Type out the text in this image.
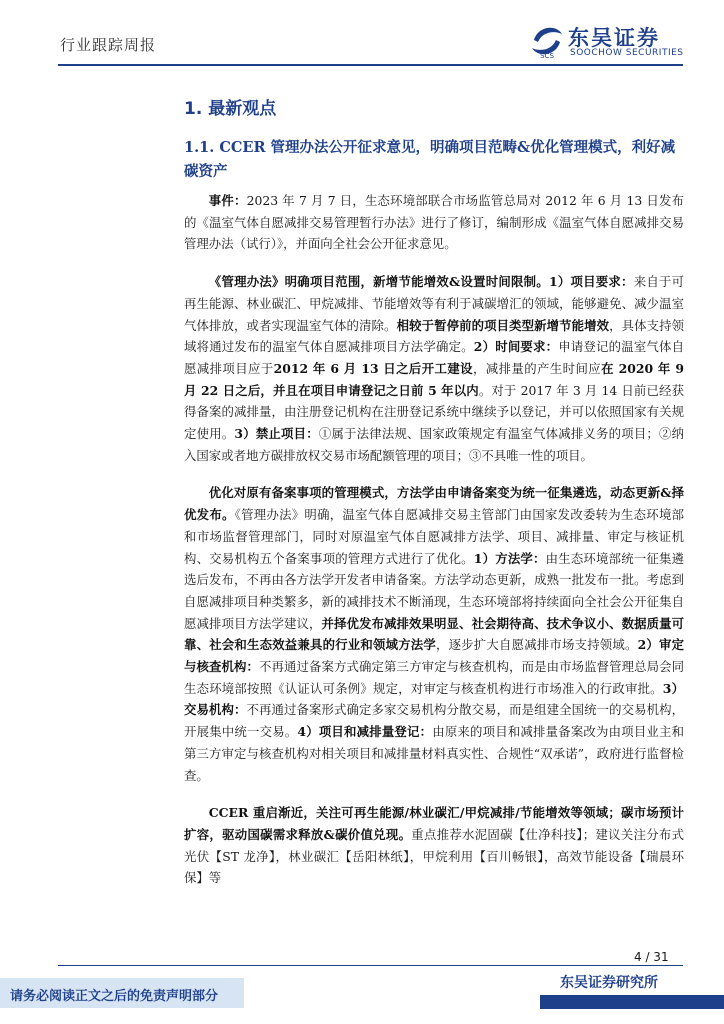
行业跟踪周报
SCS
东吴证券
SOOCHOW SECURITIES
1. 最新观点
1.1. CCER 管理办法公开征求意见，明确项目范畴&优化管理模式，利好减碳资产

事件：2023 年 7 月 7 日，生态环境部联合市场监管总局对 2012 年 6 月 13 日发布的《温室气体自愿减排交易管理暂行办法》进行了修订，编制形成《温室气体自愿减排交易管理办法（试行）》，并面向全社会公开征求意见。

《管理办法》明确项目范围，新增节能增效&设置时间限制。1）项目要求：来自于可再生能源、林业碳汇、甲烷减排、节能增效等有利于减碳增汇的领域，能够避免、减少温室气体排放，或者实现温室气体的清除。相较于暂停前的项目类型新增节能增效，具体支持领域将通过发布的温室气体自愿减排项目方法学确定。2）时间要求：申请登记的温室气体自愿减排项目应于2012 年 6 月 13 日之后开工建设，减排量的产生时间应在 2020 年 9 月 22 日之后，并且在项目申请登记之日前 5 年以内。对于 2017 年 3 月 14 日前已经获得备案的减排量，由注册登记机构在注册登记系统中继续予以登记，并可以依照国家有关规定使用。3）禁止项目：①属于法律法规、国家政策规定有温室气体减排义务的项目；②纳入国家或者地方碳排放权交易市场配额管理的项目；③不具唯一性的项目。

优化对原有备案事项的管理模式，方法学由申请备案变为统一征集遴选，动态更新&择优发布。《管理办法》明确，温室气体自愿减排交易主管部门由国家发改委转为生态环境部和市场监督管理部门，同时对原温室气体自愿减排方法学、项目、减排量、审定与核证机构、交易机构五个备案事项的管理方式进行了优化。1）方法学：由生态环境部统一征集遴选后发布，不再由各方法学开发者申请备案。方法学动态更新，成熟一批发布一批。考虑到自愿减排项目种类繁多，新的减排技术不断涌现，生态环境部将持续面向全社会公开征集自愿减排项目方法学建议，并择优发布减排效果明显、社会期待高、技术争议小、数据质量可靠、社会和生态效益兼具的行业和领域方法学，逐步扩大自愿减排市场支持领域。2）审定与核查机构：不再通过备案方式确定第三方审定与核查机构，而是由市场监督管理总局会同生态环境部按照《认证认可条例》规定，对审定与核查机构进行市场准入的行政审批。3）交易机构：不再通过备案形式确定多家交易机构分散交易，而是组建全国统一的交易机构，开展集中统一交易。4）项目和减排量登记：由原来的项目和减排量备案改为由项目业主和第三方审定与核查机构对相关项目和减排量材料真实性、合规性“双承诺”，政府进行监督检查。

CCER 重启渐近，关注可再生能源/林业碳汇/甲烷减排/节能增效等领域；碳市场预计扩容，驱动国碳需求释放&碳价值兑现。重点推荐水泥固碳【仕净科技】；建议关注分布式光伏【ST 龙净】，林业碳汇【岳阳林纸】，甲烷利用【百川畅银】，高效节能设备【瑞晨环保】等

4 / 31
请务必阅读正文之后的免责声明部分
东吴证券研究所
